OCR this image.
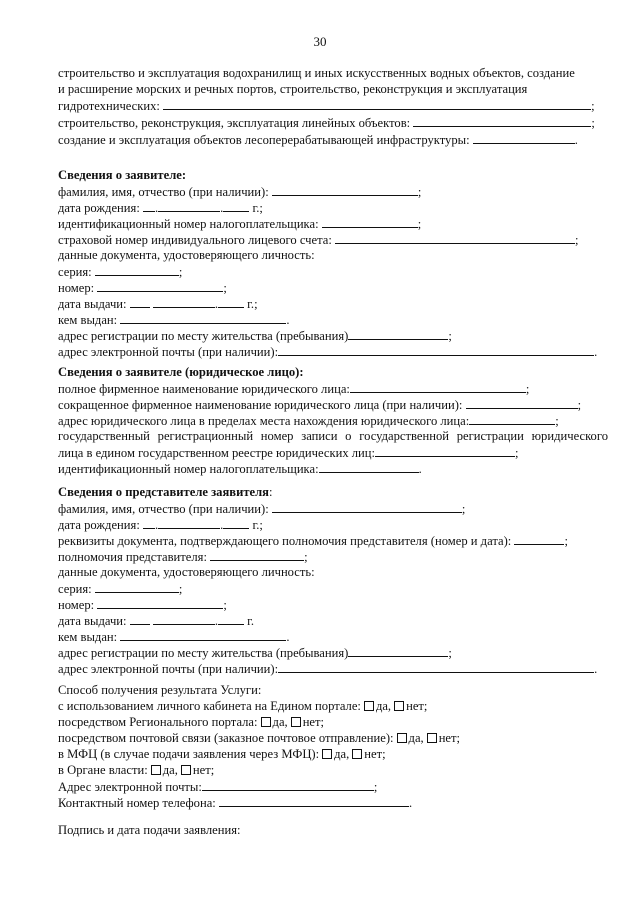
30
строительство и эксплуатация водохранилищ и иных искусственных водных объектов, создание
и расширение морских и речных портов, строительство, реконструкция и эксплуатация
гидротехнических:	;
строительство, реконструкция, эксплуатация линейных объектов:	;
создание и эксплуатация объектов лесоперерабатывающей инфраструктуры:	.
Сведения о заявителе:
фамилия, имя, отчество (при наличии):	;
дата рождения: .	. г.;
идентификационный номер налогоплательщика:	;
страховой номер индивидуального лицевого счета:	;
данные документа, удостоверяющего личность:
серия:	;
номер:	;
дата выдачи:	. г.;
кем выдан:	.
адрес регистрации по месту жительства (пребывания)	;
адрес электронной почты (при наличии):	.
Сведения о заявителе (юридическое лицо):
полное фирменное наименование юридического лица:	;
сокращенное фирменное наименование юридического лица (при наличии):	;
адрес юридического лица в пределах места нахождения юридического лица:	;
государственный регистрационный номер записи о государственной регистрации юридического
лица в едином государственном реестре юридических лиц:	;
идентификационный номер налогоплательщика:	.
Сведения о представителе заявителя:
фамилия, имя, отчество (при наличии):	;
дата рождения: .	. г.;
реквизиты документа, подтверждающего полномочия представителя (номер и дата):	;
полномочия представителя:	;
данные документа, удостоверяющего личность:
серия:	;
номер:	;
дата выдачи:	. г.
кем выдан:	.
адрес регистрации по месту жительства (пребывания)	;
адрес электронной почты (при наличии):	.
Способ получения результата Услуги:
с использованием личного кабинета на Едином портале: да, нет;
посредством Регионального портала: да, нет;
посредством почтовой связи (заказное почтовое отправление): да, нет;
в МФЦ (в случае подачи заявления через МФЦ): да, нет;
в Органе власти: да, нет;
Адрес электронной почты:	;
Контактный номер телефона:	.
Подпись и дата подачи заявления:
